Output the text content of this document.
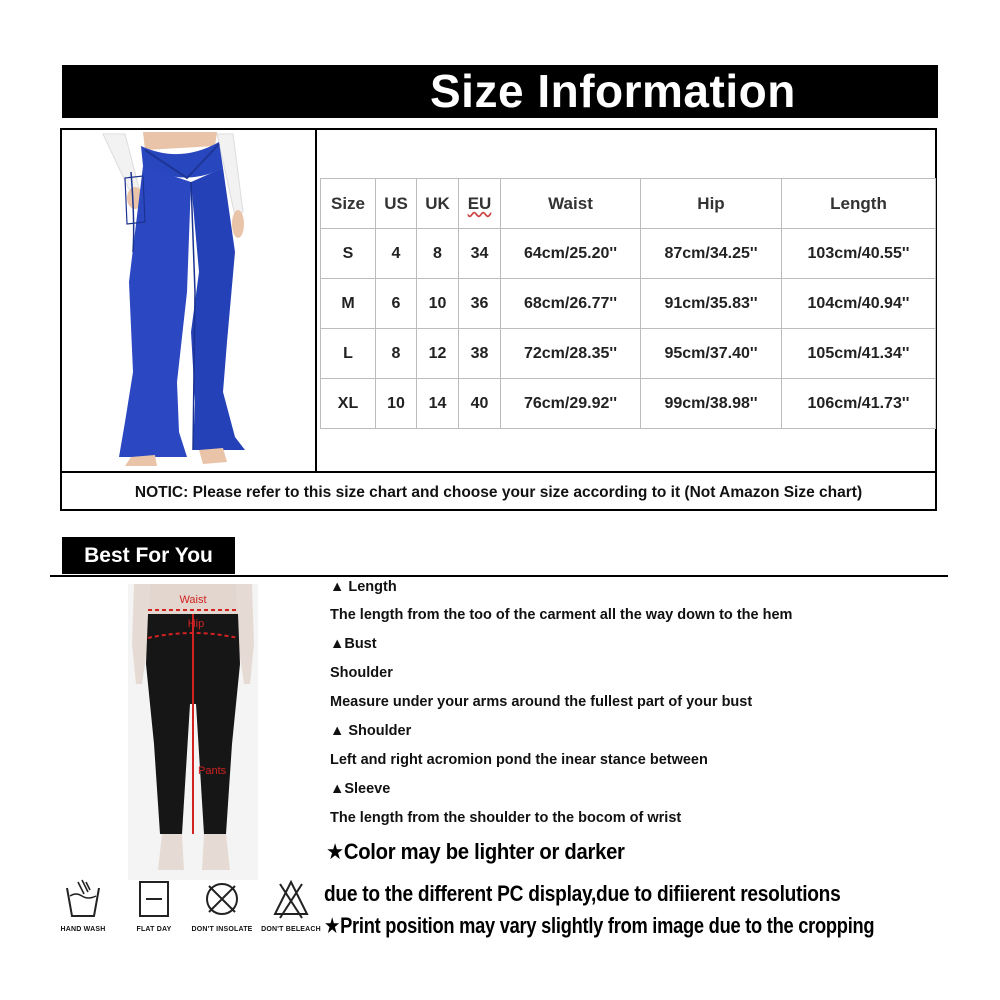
Size Information
Size	US	UK	EU	Waist	Hip	Length
S	4	8	34	64cm/25.20''	87cm/34.25''	103cm/40.55''
M	6	10	36	68cm/26.77''	91cm/35.83''	104cm/40.94''
L	8	12	38	72cm/28.35''	95cm/37.40''	105cm/41.34''
XL	10	14	40	76cm/29.92''	99cm/38.98''	106cm/41.73''
NOTIC: Please refer to this size chart and choose your size according to it (Not Amazon Size chart)
Best For You
Waist
Hip
Pants
▲ Length
The length from the too of the carment all the way down to the hem
▲Bust
Shoulder
Measure under your arms around the fullest part of your bust
▲ Shoulder
Left and right acromion pond the inear stance between
▲Sleeve
The length from the shoulder to the bocom of wrist
★Color may be lighter or darker
due to the different PC display,due to difiierent resolutions
★Print position may vary slightly from image due to the cropping
HAND WASH	FLAT DAY	DON'T INSOLATE	DON'T BELEACH
